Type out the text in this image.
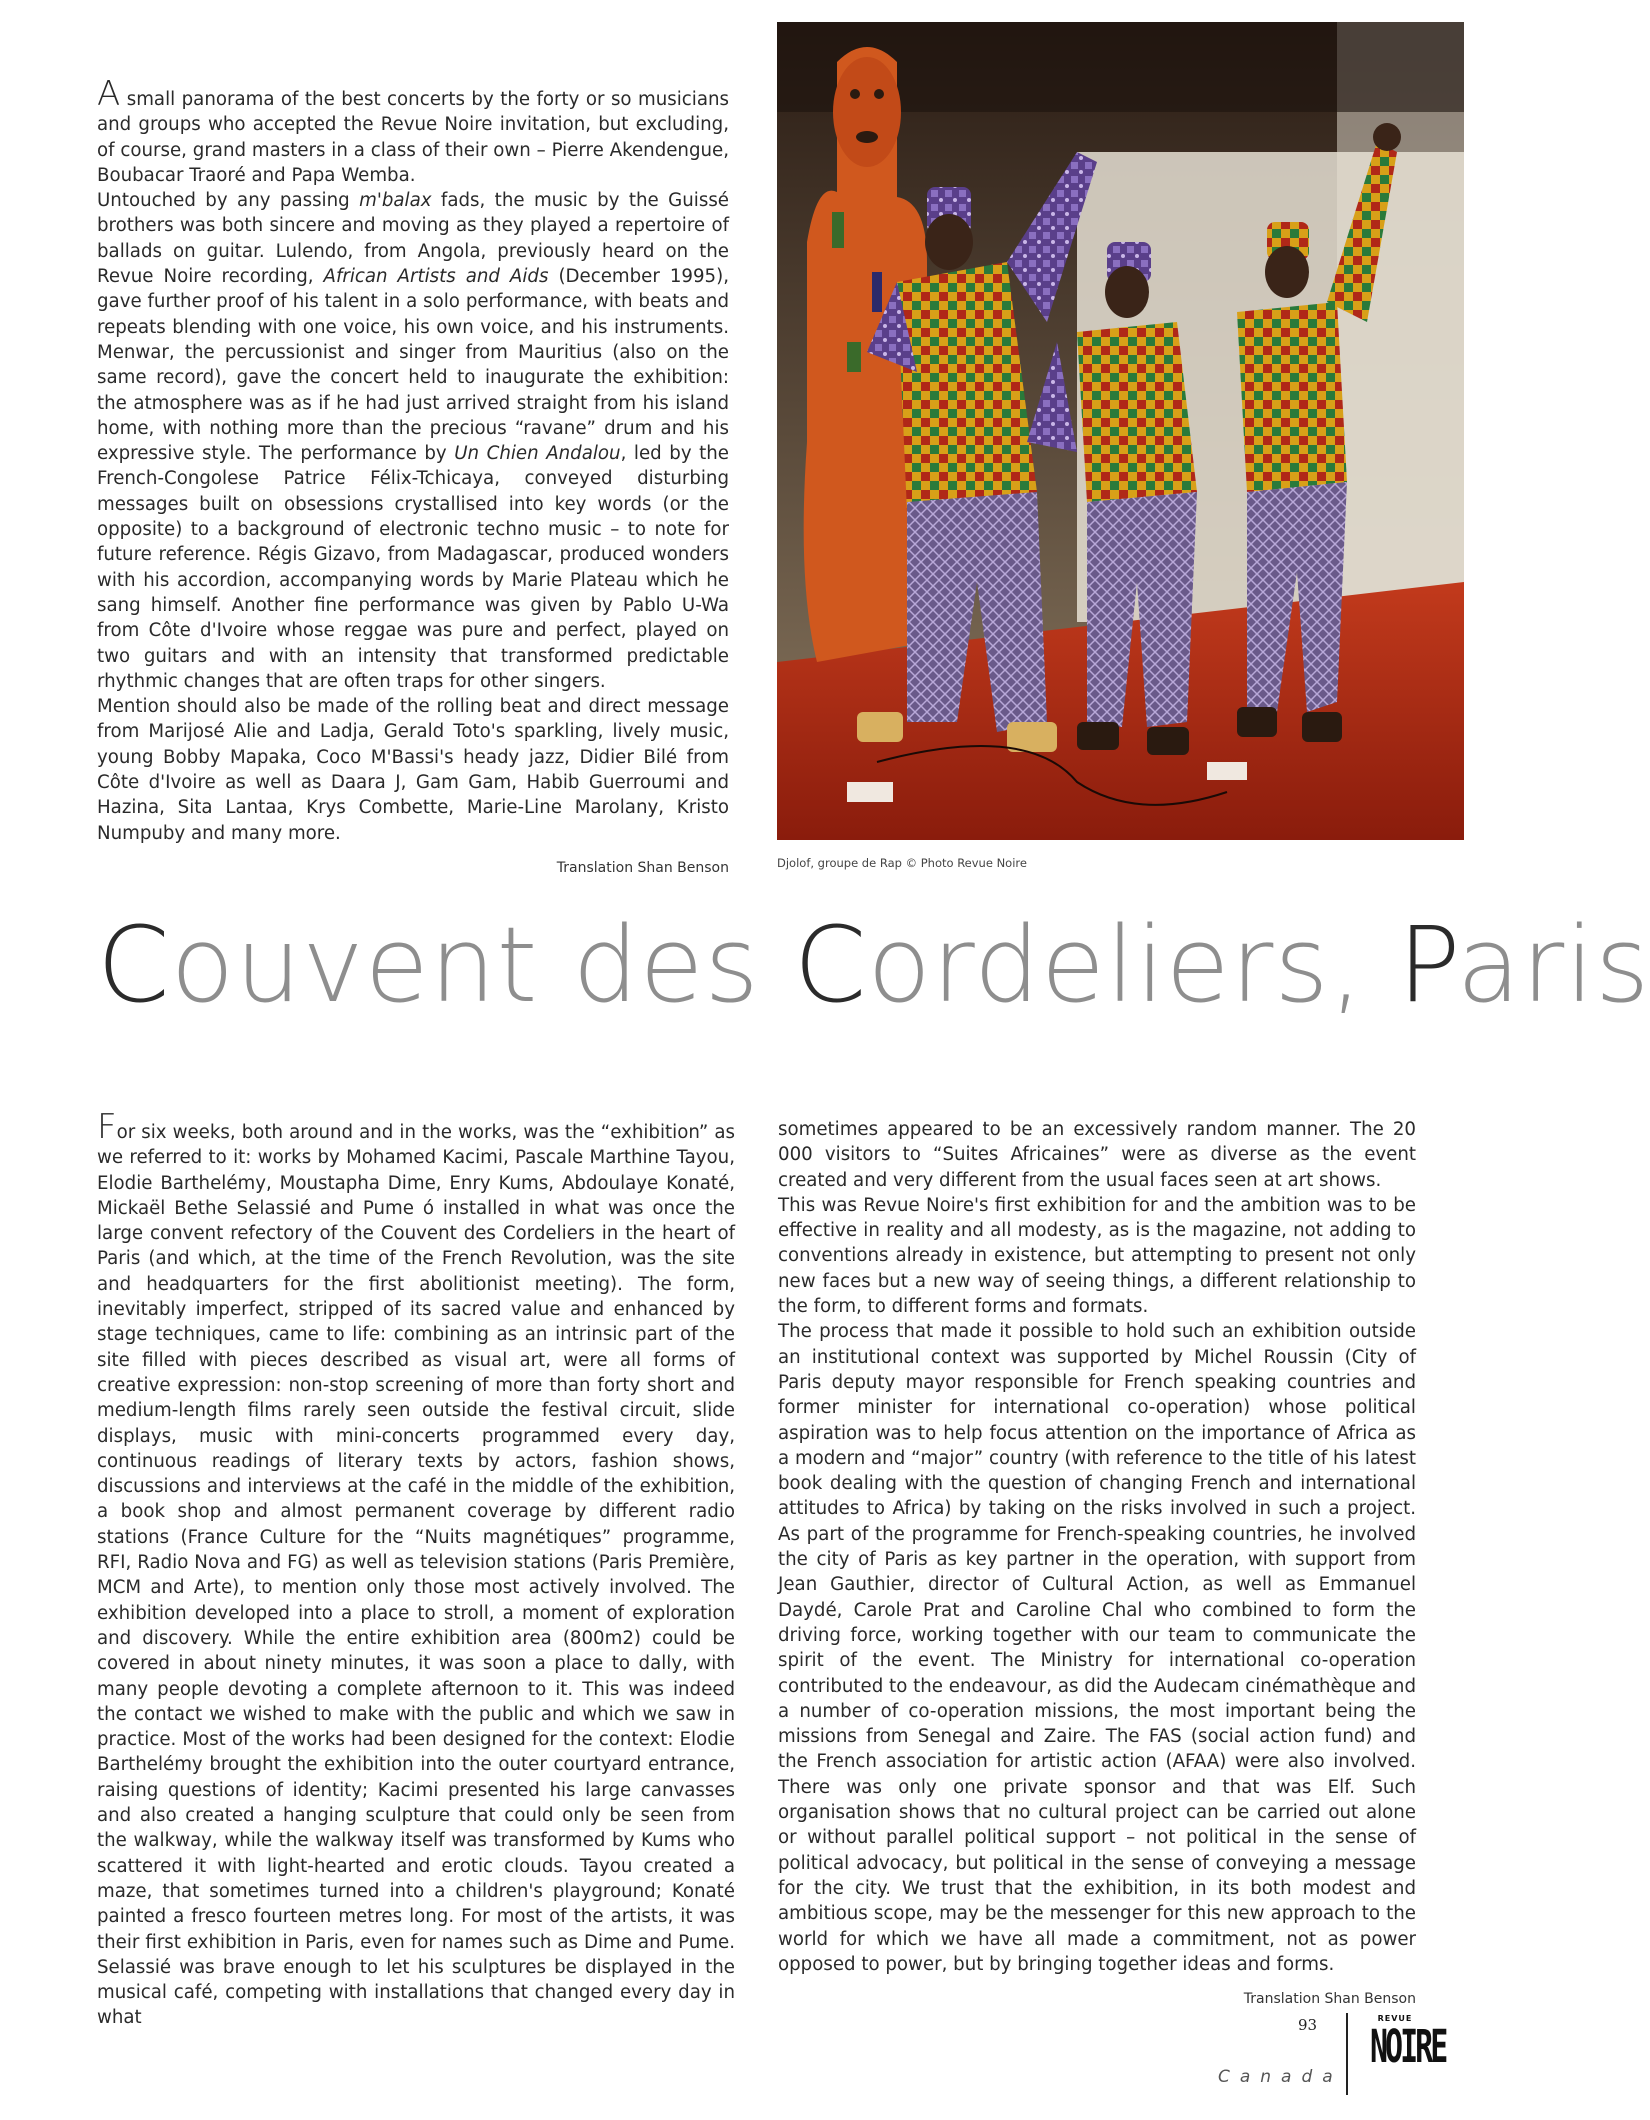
A small panorama of the best concerts by the forty or so musicians and groups who accepted the Revue Noire invitation, but excluding, of course, grand masters in a class of their own – Pierre Akendengue, Boubacar Traoré and Papa Wemba.

Untouched by any passing m'balax fads, the music by the Guissé brothers was both sincere and moving as they played a repertoire of ballads on guitar. Lulendo, from Angola, previously heard on the Revue Noire recording, African Artists and Aids (December 1995), gave further proof of his talent in a solo performance, with beats and repeats blending with one voice, his own voice, and his instruments. Menwar, the percussionist and singer from Mauritius (also on the same record), gave the concert held to inaugurate the exhibition: the atmosphere was as if he had just arrived straight from his island home, with nothing more than the precious “ravane” drum and his expressive style. The performance by Un Chien Andalou, led by the French-Congolese Patrice Félix-Tchicaya, conveyed disturbing messages built on obsessions crystallised into key words (or the opposite) to a background of electronic techno music – to note for future reference. Régis Gizavo, from Madagascar, produced wonders with his accordion, accompanying words by Marie Plateau which he sang himself. Another fine performance was given by Pablo U-Wa from Côte d'Ivoire whose reggae was pure and perfect, played on two guitars and with an intensity that transformed predictable rhythmic changes that are often traps for other singers.

Mention should also be made of the rolling beat and direct message from Marijosé Alie and Ladja, Gerald Toto's sparkling, lively music, young Bobby Mapaka, Coco M'Bassi's heady jazz, Didier Bilé from Côte d'Ivoire as well as Daara J, Gam Gam, Habib Guerroumi and Hazina, Sita Lantaa, Krys Combette, Marie-Line Marolany, Kristo Numpuby and many more.

Translation Shan Benson	Djolof, groupe de Rap © Photo Revue Noire
Couvent des Cordeliers, Paris

For six weeks, both around and in the works, was the “exhibition” as we referred to it: works by Mohamed Kacimi, Pascale Marthine Tayou, Elodie Barthelémy, Moustapha Dime, Enry Kums, Abdoulaye Konaté, Mickaël Bethe Selassié and Pume ó installed in what was once the large convent refectory of the Couvent des Cordeliers in the heart of Paris (and which, at the time of the French Revolution, was the site and headquarters for the first abolitionist meeting). The form, inevitably imperfect, stripped of its sacred value and enhanced by stage techniques, came to life: combining as an intrinsic part of the site filled with pieces described as visual art, were all forms of creative expression: non-stop screening of more than forty short and medium-length films rarely seen outside the festival circuit, slide displays, music with mini-concerts programmed every day, continuous readings of literary texts by actors, fashion shows, discussions and interviews at the café in the middle of the exhibition, a book shop and almost permanent coverage by different radio stations (France Culture for the “Nuits magnétiques” programme, RFI, Radio Nova and FG) as well as television stations (Paris Première, MCM and Arte), to mention only those most actively involved. The exhibition developed into a place to stroll, a moment of exploration and discovery. While the entire exhibition area (800m2) could be covered in about ninety minutes, it was soon a place to dally, with many people devoting a complete afternoon to it. This was indeed the contact we wished to make with the public and which we saw in practice. Most of the works had been designed for the context: Elodie Barthelémy brought the exhibition into the outer courtyard entrance, raising questions of identity; Kacimi presented his large canvasses and also created a hanging sculpture that could only be seen from the walkway, while the walkway itself was transformed by Kums who scattered it with light-hearted and erotic clouds. Tayou created a maze, that sometimes turned into a children's playground; Konaté painted a fresco fourteen metres long. For most of the artists, it was their first exhibition in Paris, even for names such as Dime and Pume. Selassié was brave enough to let his sculptures be displayed in the musical café, competing with installations that changed every day in what

sometimes appeared to be an excessively random manner. The 20 000 visitors to “Suites Africaines” were as diverse as the event created and very different from the usual faces seen at art shows.

This was Revue Noire's first exhibition for and the ambition was to be effective in reality and all modesty, as is the magazine, not adding to conventions already in existence, but attempting to present not only new faces but a new way of seeing things, a different relationship to the form, to different forms and formats.

The process that made it possible to hold such an exhibition outside an institutional context was supported by Michel Roussin (City of Paris deputy mayor responsible for French speaking countries and former minister for international co-operation) whose political aspiration was to help focus attention on the importance of Africa as a modern and “major” country (with reference to the title of his latest book dealing with the question of changing French and international attitudes to Africa) by taking on the risks involved in such a project. As part of the programme for French-speaking countries, he involved the city of Paris as key partner in the operation, with support from Jean Gauthier, director of Cultural Action, as well as Emmanuel Daydé, Carole Prat and Caroline Chal who combined to form the driving force, working together with our team to communicate the spirit of the event. The Ministry for international co-operation contributed to the endeavour, as did the Audecam cinémathèque and a number of co-operation missions, the most important being the missions from Senegal and Zaire. The FAS (social action fund) and the French association for artistic action (AFAA) were also involved. There was only one private sponsor and that was Elf. Such organisation shows that no cultural project can be carried out alone or without parallel political support – not political in the sense of political advocacy, but political in the sense of conveying a message for the city. We trust that the exhibition, in its both modest and ambitious scope, may be the messenger for this new approach to the world for which we have all made a commitment, not as power opposed to power, but by bringing together ideas and forms.

Translation Shan Benson
93
Canada
REVUE
NOIRE
